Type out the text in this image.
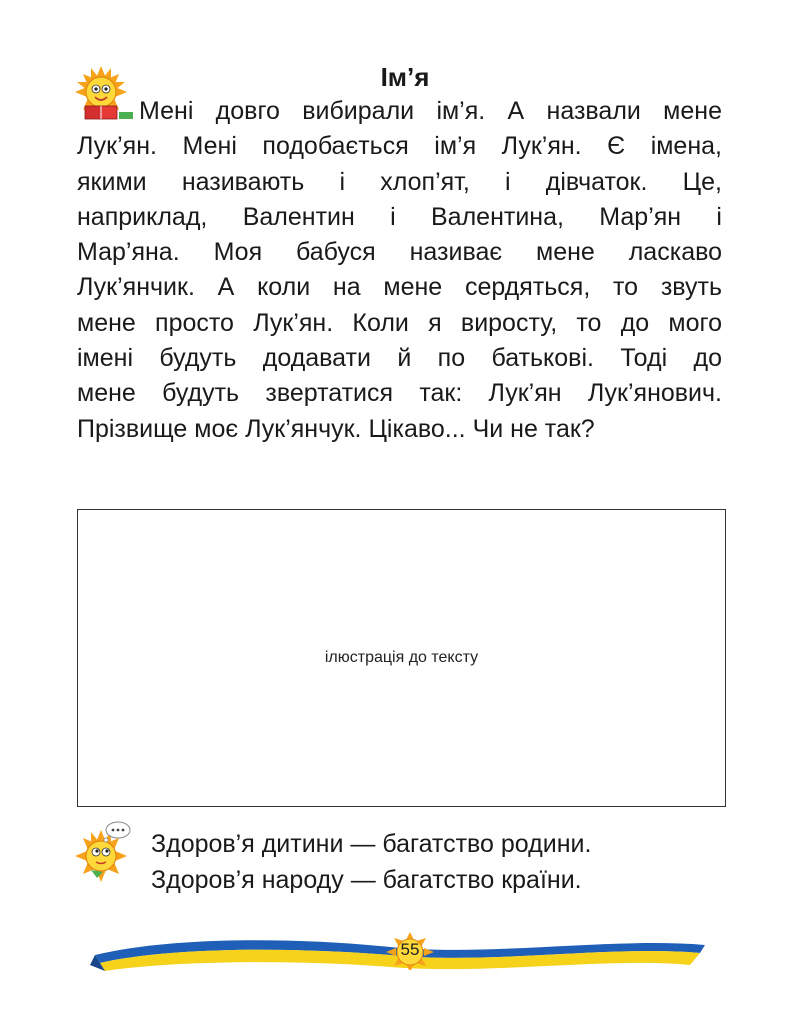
Ім’я
Мені довго вибирали ім’я. А назвали мене
Лук’ян. Мені подобається ім’я Лук’ян. Є імена,
якими називають і хлоп’ят, і дівчаток. Це,
наприклад, Валентин і Валентина, Мар’ян і
Мар’яна. Моя бабуся називає мене ласкаво
Лук’янчик. А коли на мене сердяться, то звуть
мене просто Лук’ян. Коли я виросту, то до мого
імені будуть додавати й по батькові. Тоді до
мене будуть звертатися так: Лук’ян Лук’янович.
Прізвище моє Лук’янчук. Цікаво... Чи не так?
ілюстрація до тексту
Здоров’я дитини — багатство родини.
Здоров’я народу — багатство країни.
55
